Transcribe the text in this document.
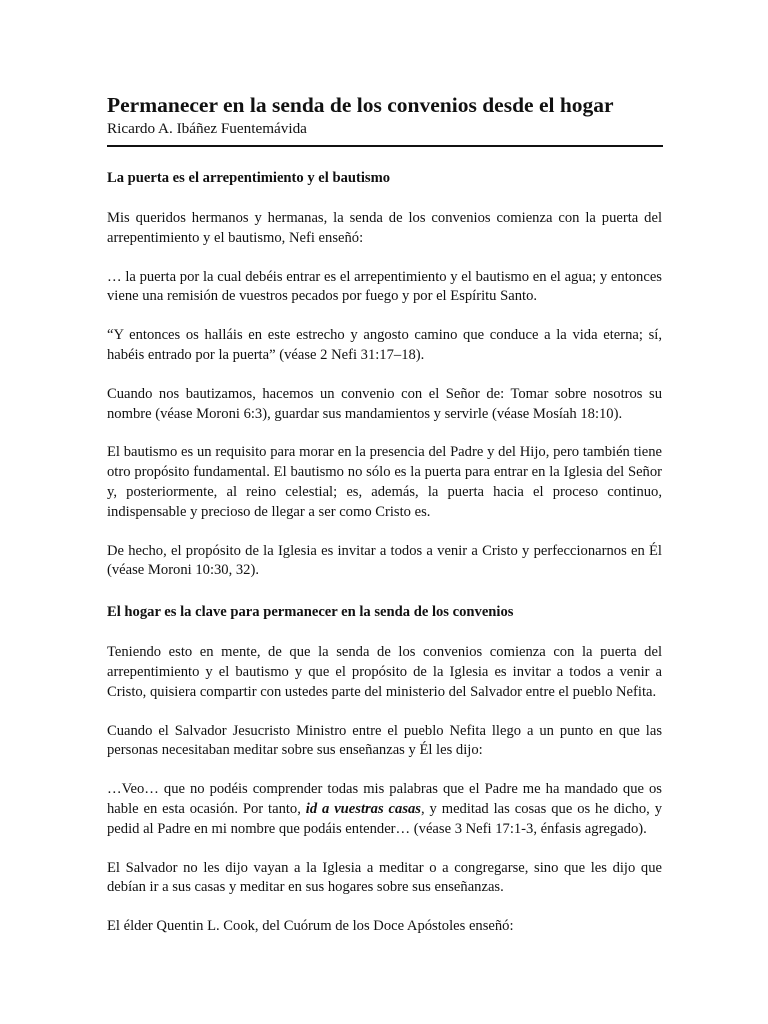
Permanecer en la senda de los convenios desde el hogar

Ricardo A. Ibáñez Fuentemávida

La puerta es el arrepentimiento y el bautismo

Mis queridos hermanos y hermanas, la senda de los convenios comienza con la puerta del arrepentimiento y el bautismo, Nefi enseñó:

… la puerta por la cual debéis entrar es el arrepentimiento y el bautismo en el agua; y entonces viene una remisión de vuestros pecados por fuego y por el Espíritu Santo.

“Y entonces os halláis en este estrecho y angosto camino que conduce a la vida eterna; sí, habéis entrado por la puerta” (véase 2 Nefi 31:17–18).

Cuando nos bautizamos, hacemos un convenio con el Señor de: Tomar sobre nosotros su nombre (véase Moroni 6:3), guardar sus mandamientos y servirle (véase Mosíah 18:10).

El bautismo es un requisito para morar en la presencia del Padre y del Hijo, pero también tiene otro propósito fundamental. El bautismo no sólo es la puerta para entrar en la Iglesia del Señor y, posteriormente, al reino celestial; es, además, la puerta hacia el proceso continuo, indispensable y precioso de llegar a ser como Cristo es.

De hecho, el propósito de la Iglesia es invitar a todos a venir a Cristo y perfeccionarnos en Él (véase Moroni 10:30, 32).

El hogar es la clave para permanecer en la senda de los convenios

Teniendo esto en mente, de que la senda de los convenios comienza con la puerta del arrepentimiento y el bautismo y que el propósito de la Iglesia es invitar a todos a venir a Cristo, quisiera compartir con ustedes parte del ministerio del Salvador entre el pueblo Nefita.

Cuando el Salvador Jesucristo Ministro entre el pueblo Nefita llego a un punto en que las personas necesitaban meditar sobre sus enseñanzas y Él les dijo:

…Veo… que no podéis comprender todas mis palabras que el Padre me ha mandado que os hable en esta ocasión. Por tanto, id a vuestras casas, y meditad las cosas que os he dicho, y pedid al Padre en mi nombre que podáis entender… (véase 3 Nefi 17:1-3, énfasis agregado).

El Salvador no les dijo vayan a la Iglesia a meditar o a congregarse, sino que les dijo que debían ir a sus casas y meditar en sus hogares sobre sus enseñanzas.

El élder Quentin L. Cook, del Cuórum de los Doce Apóstoles enseñó:
